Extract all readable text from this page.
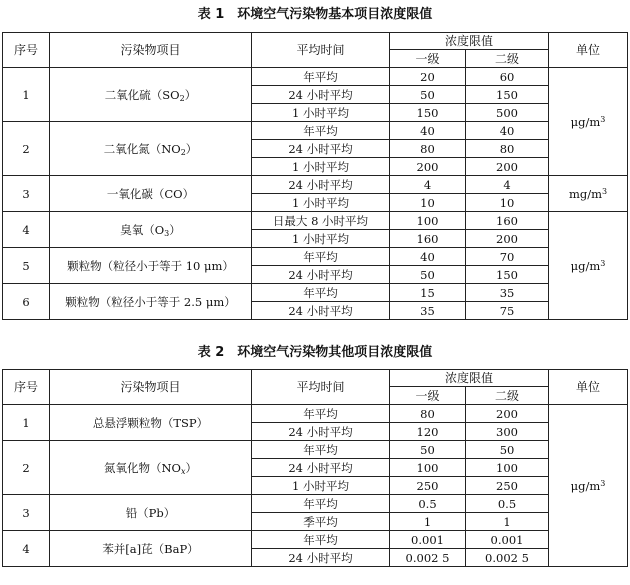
表 1　环境空气污染物基本项目浓度限值
序号	污染物项目	平均时间	浓度限值		单位
			一级	二级	
1	二氧化硫$(SO_2)$	年平均	20	60	$\mu g/m^3$
		24 小时平均	50	150	
		1 小时平均	150	500	
2	二氧化氮$(NO_2)$	年平均	40	40	
		24 小时平均	80	80	
		1 小时平均	200	200	
3	一氧化碳（CO）	24 小时平均	4	4	$mg/m^3$
		1 小时平均	10	10	
4	臭氧$(O_3)$	日最大 8 小时平均	100	160	$\mu g/m^3$
		1 小时平均	160	200	
5	颗粒物（粒径小于等于 10 μm）	年平均	40	70	
		24 小时平均	50	150	
6	颗粒物（粒径小于等于 2.5 μm）	年平均	15	35	
		24 小时平均	35	75	
表 2　环境空气污染物其他项目浓度限值
序号	污染物项目	平均时间	浓度限值		单位
			一级	二级	
1	总悬浮颗粒物（TSP）	年平均	80	200	$\mu g/m^3$
		24 小时平均	120	300	
2	氮氧化物$(NO_x)$	年平均	50	50	
		24 小时平均	100	100	
		1 小时平均	250	250	
3	铅（Pb）	年平均	0.5	0.5	
		季平均	1	1	
4	苯并[a]芘（BaP）	年平均	0.001	0.001	
		24 小时平均	0.002 5	0.002 5	
